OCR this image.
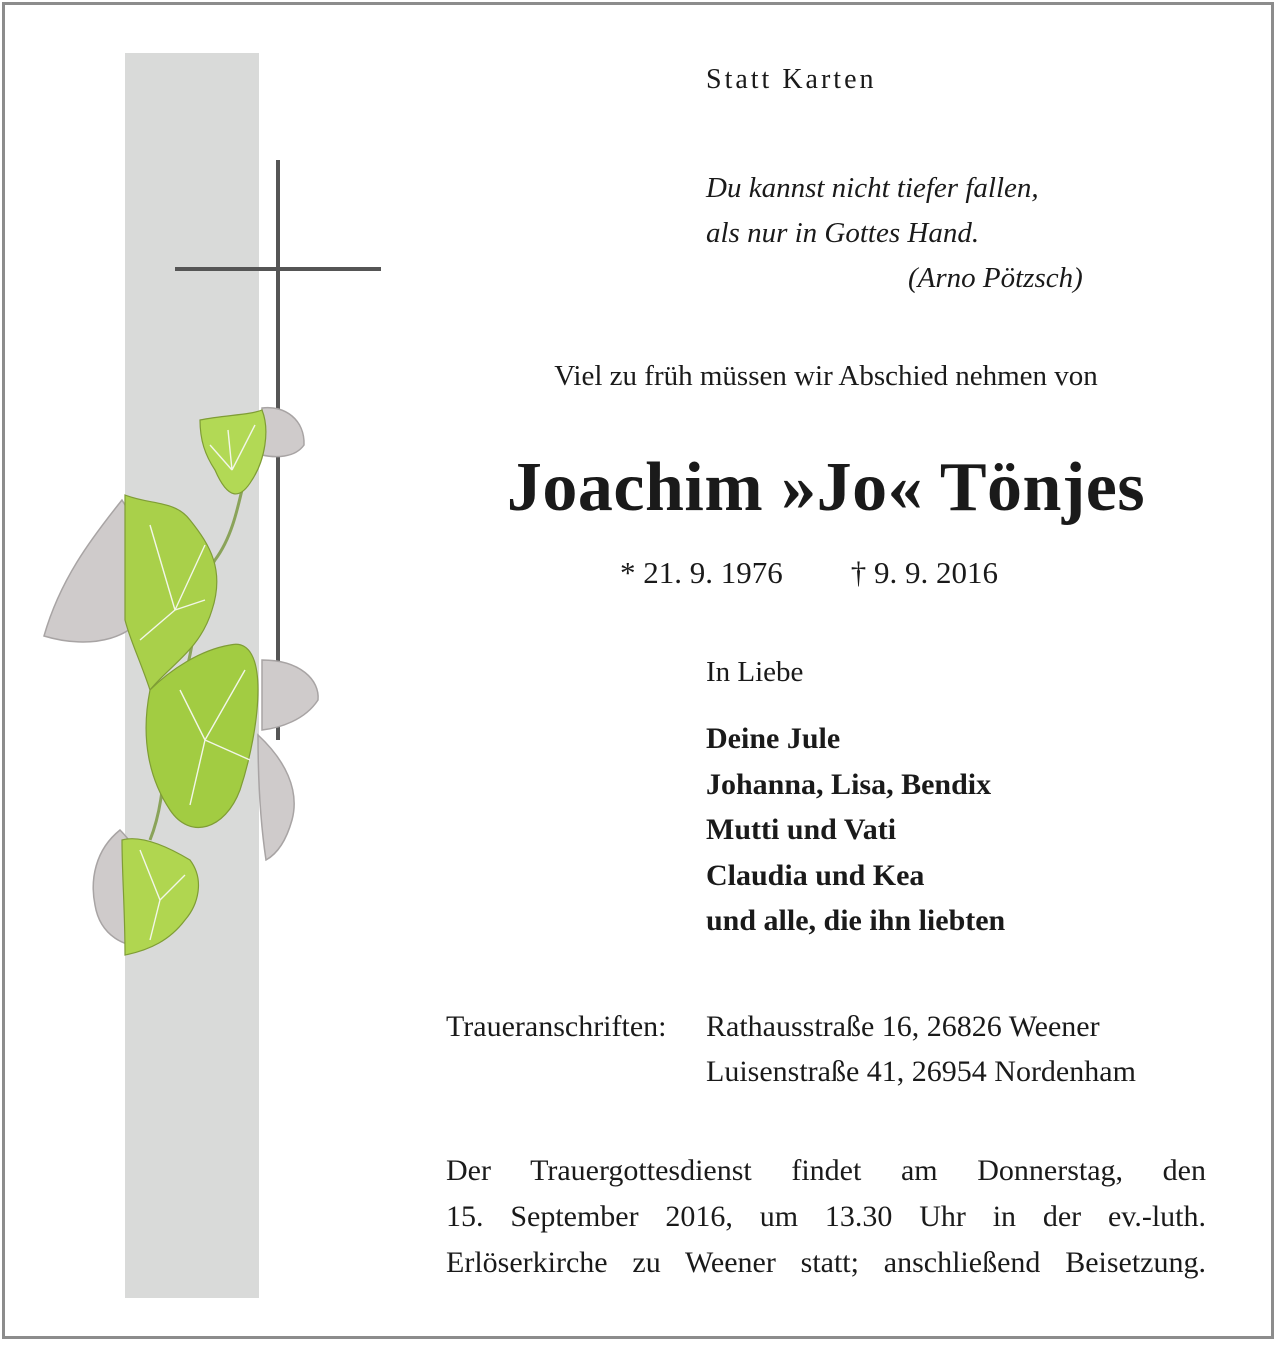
Statt Karten
Du kannst nicht tiefer fallen,
als nur in Gottes Hand.
(Arno Pötzsch)
Viel zu früh müssen wir Abschied nehmen von
Joachim »Jo« Tönjes
* 21. 9. 1976 † 9. 9. 2016
In Liebe
Deine Jule
Johanna, Lisa, Bendix
Mutti und Vati
Claudia und Kea
und alle, die ihn liebten
Traueranschriften: Rathausstraße 16, 26826 Weener
Luisenstraße 41, 26954 Nordenham
Der Trauergottesdienst findet am Donnerstag, den
15. September 2016, um 13.30 Uhr in der ev.-luth.
Erlöserkirche zu Weener statt; anschließend Beisetzung.
